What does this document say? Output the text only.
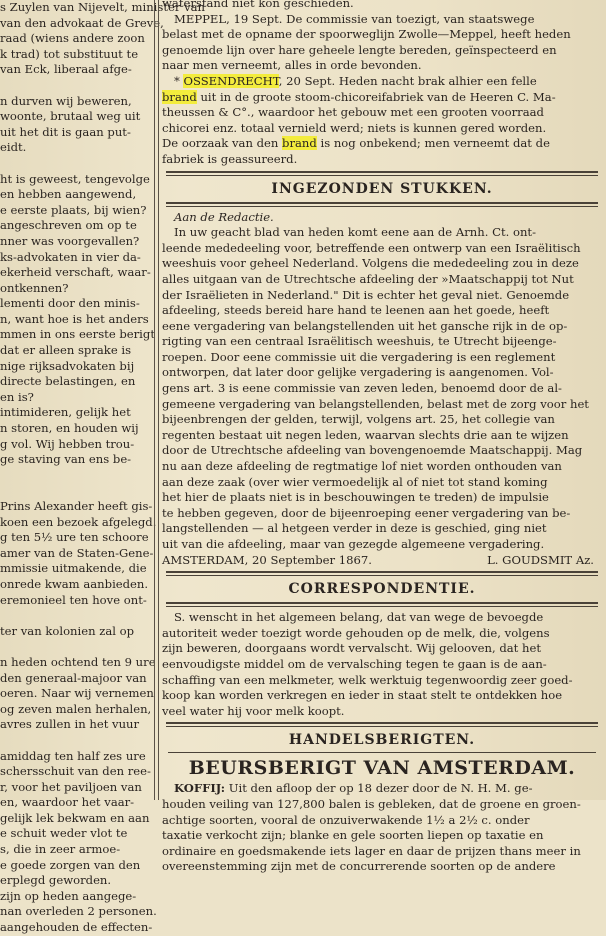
s Zuylen van Nijevelt, minister van
van den advokaat de Greve,
raad (wiens andere zoon
k trad) tot substituut te
van Eck, liberaal afge-
n durven wij beweren,
woonte, brutaal weg uit
uit het dit is gaan put-
eidt.
ht is geweest, tengevolge
en hebben aangewend,
e eerste plaats, bij wien?
angeschreven om op te
nner was voorgevallen?
ks-advokaten in vier da-
ekerheid verschaft, waar-
ontkennen?
lementi door den minis-
n, want hoe is het anders
mmen in ons eerste berigt
dat er alleen sprake is
nige rijksadvokaten bij
directe belastingen, en
en is?
intimideren, gelijk het
n storen, en houden wij
g vol. Wij hebben trou-
ge staving van ens be-
Prins Alexander heeft gis-
koen een bezoek afgelegd.
g ten 5½ ure ten schoore
amer van de Staten-Gene-
mmissie uitmakende, die
onrede kwam aanbieden.
eremonieel ten hove ont-
ter van kolonien zal op
n heden ochtend ten 9 ure
den generaal-majoor van
oeren. Naar wij vernemen
og zeven malen herhalen,
avres zullen in het vuur
amiddag ten half zes ure
schersschuit van den ree-
r, voor het paviljoen van
en, waardoor het vaar-
gelijk lek bekwam en aan
e schuit weder vlot te
s, die in zeer armoe-
e goede zorgen van den
erplegd geworden.
zijn op heden aangege-
nan overleden 2 personen.
aangehouden de effecten-
waterstand niet kon geschieden.
MEPPEL, 19 Sept. De commissie van toezigt, van staatswege
belast met de opname der spoorweglijn Zwolle—Meppel, heeft heden
genoemde lijn over hare geheele lengte bereden, geïnspecteerd en
naar men verneemt, alles in orde bevonden.
* OSSENDRECHT, 20 Sept. Heden nacht brak alhier een felle
brand uit in de groote stoom-chicoreifabriek van de Heeren C. Ma-
theussen & C°., waardoor het gebouw met een grooten voorraad
chicorei enz. totaal vernield werd; niets is kunnen gered worden.
De oorzaak van den brand is nog onbekend; men verneemt dat de
fabriek is geassureerd.
INGEZONDEN STUKKEN.
Aan de Redactie.
In uw geacht blad van heden komt eene aan de Arnh. Ct. ont-
leende mededeeling voor, betreffende een ontwerp van een Israëlitisch
weeshuis voor geheel Nederland. Volgens die mededeeling zou in deze
alles uitgaan van de Utrechtsche afdeeling der »Maatschappij tot Nut
der Israëlieten in Nederland." Dit is echter het geval niet. Genoemde
afdeeling, steeds bereid hare hand te leenen aan het goede, heeft
eene vergadering van belangstellenden uit het gansche rijk in de op-
rigting van een centraal Israëlitisch weeshuis, te Utrecht bijeenge-
roepen. Door eene commissie uit die vergadering is een reglement
ontworpen, dat later door gelijke vergadering is aangenomen. Vol-
gens art. 3 is eene commissie van zeven leden, benoemd door de al-
gemeene vergadering van belangstellenden, belast met de zorg voor het
bijeenbrengen der gelden, terwijl, volgens art. 25, het collegie van
regenten bestaat uit negen leden, waarvan slechts drie aan te wijzen
door de Utrechtsche afdeeling van bovengenoemde Maatschappij. Mag
nu aan deze afdeeling de regtmatige lof niet worden onthouden van
aan deze zaak (over wier vermoedelijk al of niet tot stand koming
het hier de plaats niet is in beschouwingen te treden) de impulsie
te hebben gegeven, door de bijeenroeping eener vergadering van be-
langstellenden — al hetgeen verder in deze is geschied, ging niet
uit van die afdeeling, maar van gezegde algemeene vergadering.
AMSTERDAM, 20 September 1867.	L. GOUDSMIT Az.
CORRESPONDENTIE.
S. wenscht in het algemeen belang, dat van wege de bevoegde
autoriteit weder toezigt worde gehouden op de melk, die, volgens
zijn beweren, doorgaans wordt vervalscht. Wij gelooven, dat het
eenvoudigste middel om de vervalsching tegen te gaan is de aan-
schaffing van een melkmeter, welk werktuig tegenwoordig zeer goed-
koop kan worden verkregen en ieder in staat stelt te ontdekken hoe
veel water hij voor melk koopt.
HANDELSBERIGTEN.
BEURSBERIGT VAN AMSTERDAM.
KOFFIJ: Uit den afloop der op 18 dezer door de N. H. M. ge-
houden veiling van 127,800 balen is gebleken, dat de groene en groen-
achtige soorten, vooral de onzuiverwakende 1½ a 2½ c. onder
taxatie verkocht zijn; blanke en gele soorten liepen op taxatie en
ordinaire en goedsmakende iets lager en daar de prijzen thans meer in
overeenstemming zijn met de concurrerende soorten op de andere
